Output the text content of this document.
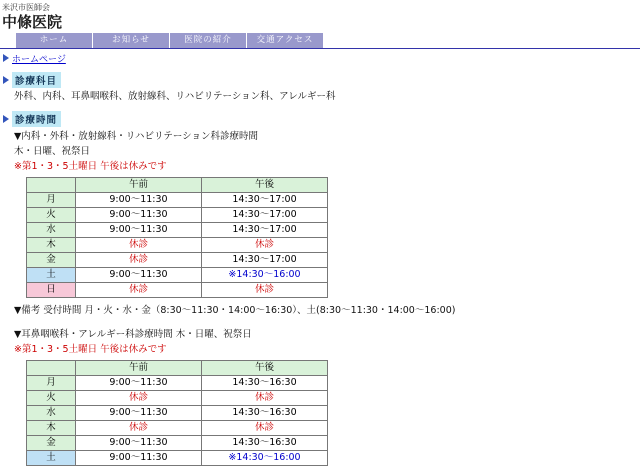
米沢市医師会
中條医院
ホーム	お知らせ	医院の紹介	交通アクセス
ホームページ
診療科目
外科、内科、耳鼻咽喉科、放射線科、リハビリテーション科、アレルギー科
診療時間
▼内科・外科・放射線科・リハビリテーション科診療時間
木・日曜、祝祭日
※第1・3・5土曜日 午後は休みです
	午前	午後
月	9:00～11:30	14:30～17:00
火	9:00～11:30	14:30～17:00
水	9:00～11:30	14:30～17:00
木	休診	休診
金	休診	14:30～17:00
土	9:00～11:30	※14:30～16:00
日	休診	休診
▼備考 受付時間 月・火・水・金（8:30～11:30・14:00～16:30）、土(8:30～11:30・14:00～16:00)
▼耳鼻咽喉科・アレルギー科診療時間 木・日曜、祝祭日
※第1・3・5土曜日 午後は休みです
	午前	午後
月	9:00～11:30	14:30～16:30
火	休診	休診
水	9:00～11:30	14:30～16:30
木	休診	休診
金	9:00～11:30	14:30～16:30
土	9:00～11:30	※14:30～16:00
